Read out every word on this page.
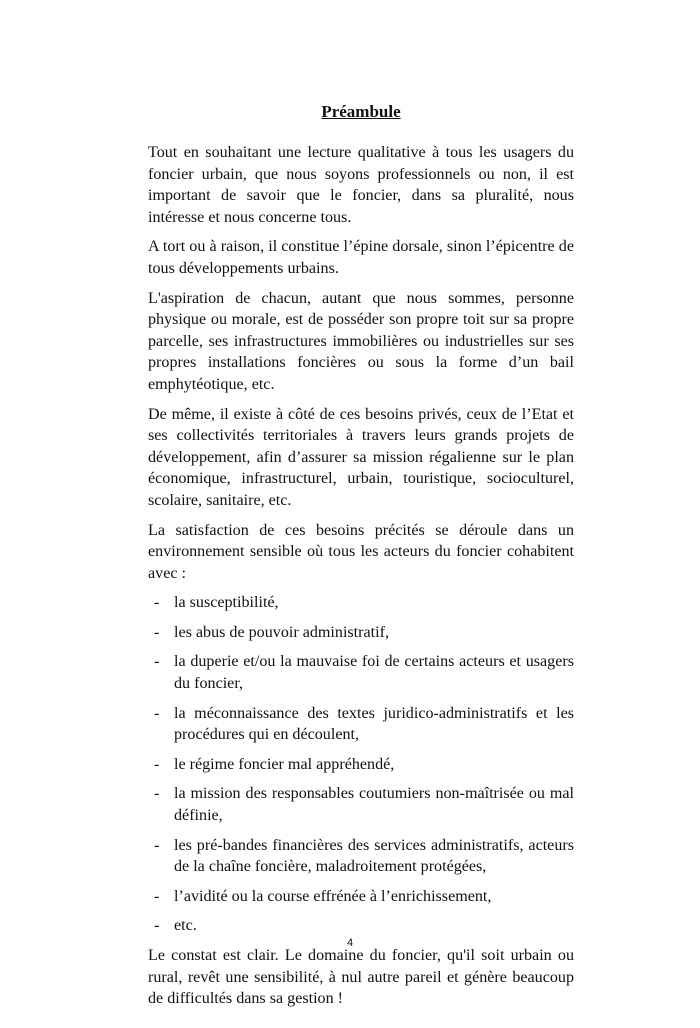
Préambule

Tout en souhaitant une lecture qualitative à tous les usagers du foncier urbain, que nous soyons professionnels ou non, il est important de savoir que le foncier, dans sa pluralité, nous intéresse et nous concerne tous.

A tort ou à raison, il constitue l’épine dorsale, sinon l’épicentre de tous développements urbains.

L'aspiration de chacun, autant que nous sommes, personne physique ou morale, est de posséder son propre toit sur sa propre parcelle, ses infrastructures immobilières ou industrielles sur ses propres installations foncières ou sous la forme d’un bail emphytéotique, etc.

De même, il existe à côté de ces besoins privés, ceux de l’Etat et ses collectivités territoriales à travers leurs grands projets de développement, afin d’assurer sa mission régalienne sur le plan économique, infrastructurel, urbain, touristique, socioculturel, scolaire, sanitaire, etc.

La satisfaction de ces besoins précités se déroule dans un environnement sensible où tous les acteurs du foncier cohabitent avec :

- la susceptibilité,
- les abus de pouvoir administratif,
- la duperie et/ou la mauvaise foi de certains acteurs et usagers du foncier,
- la méconnaissance des textes juridico-administratifs et les procédures qui en découlent,
- le régime foncier mal appréhendé,
- la mission des responsables coutumiers non-maîtrisée ou mal définie,
- les pré-bandes financières des services administratifs, acteurs de la chaîne foncière, maladroitement protégées,
- l’avidité ou la course effrénée à l’enrichissement,
- etc.

Le constat est clair. Le domaine du foncier, qu'il soit urbain ou rural, revêt une sensibilité, à nul autre pareil et génère beaucoup de difficultés dans sa gestion !

4
